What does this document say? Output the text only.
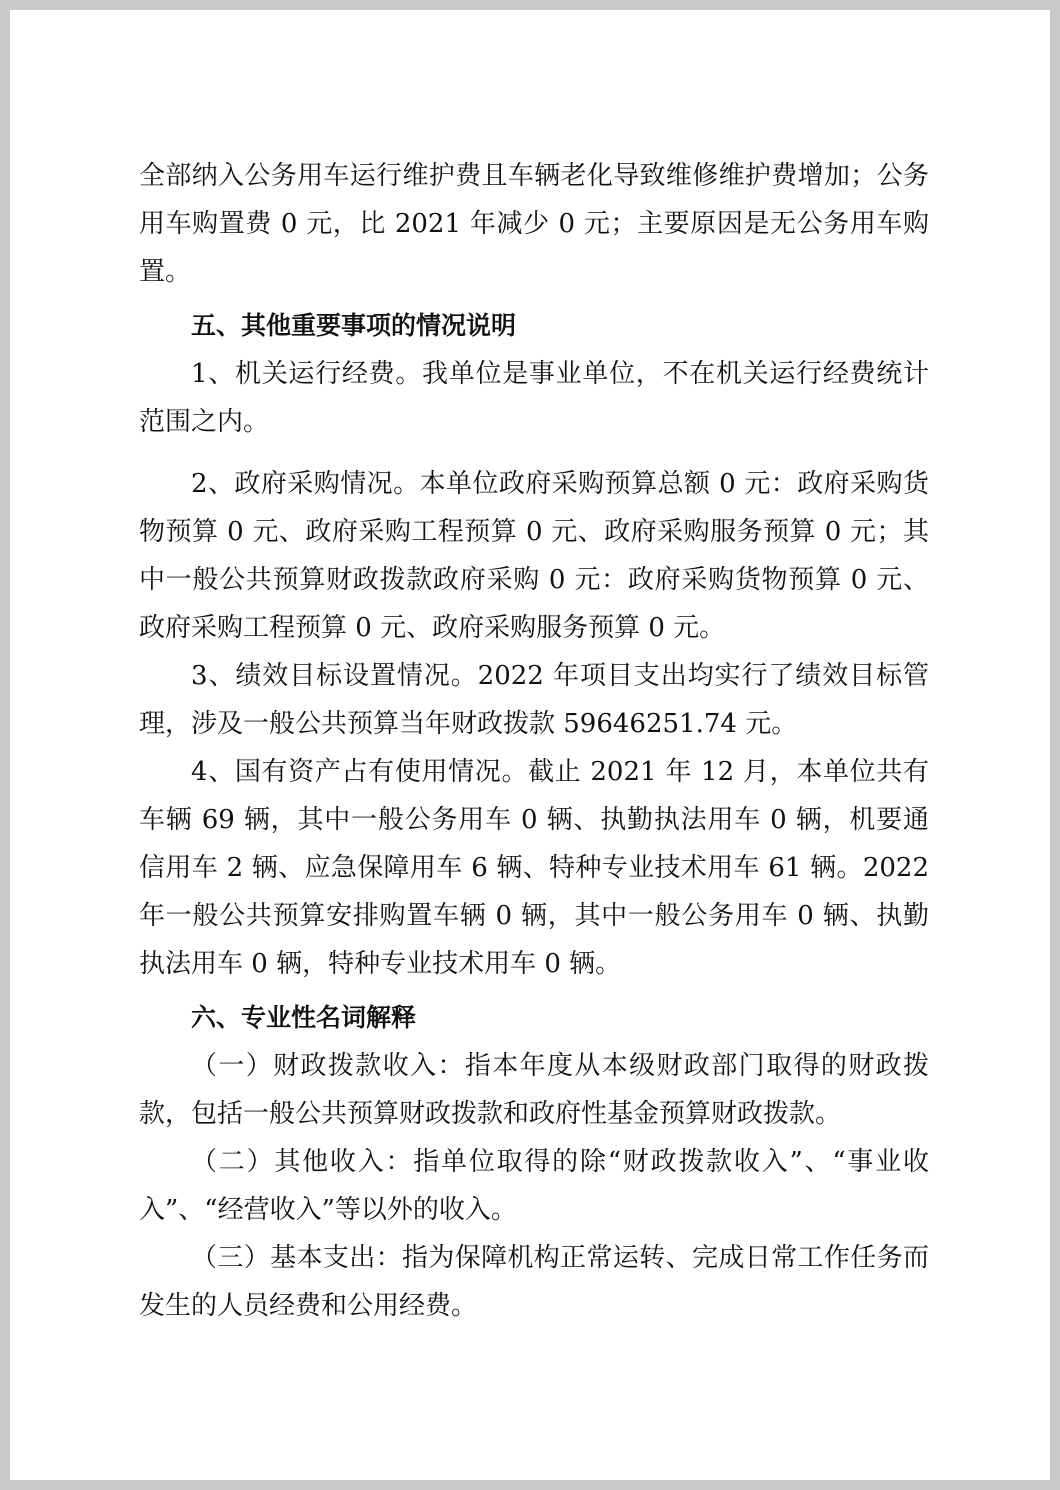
全部纳入公务用车运行维护费且车辆老化导致维修维护费增加；公务用车购置费 0 元，比 2021 年减少 0 元；主要原因是无公务用车购置。

五、其他重要事项的情况说明

1、机关运行经费。我单位是事业单位，不在机关运行经费统计范围之内。

2、政府采购情况。本单位政府采购预算总额 0 元：政府采购货物预算 0 元、政府采购工程预算 0 元、政府采购服务预算 0 元；其中一般公共预算财政拨款政府采购 0 元：政府采购货物预算 0 元、政府采购工程预算 0 元、政府采购服务预算 0 元。

3、绩效目标设置情况。2022 年项目支出均实行了绩效目标管理，涉及一般公共预算当年财政拨款 59646251.74 元。

4、国有资产占有使用情况。截止 2021 年 12 月，本单位共有车辆 69 辆，其中一般公务用车 0 辆、执勤执法用车 0 辆，机要通信用车 2 辆、应急保障用车 6 辆、特种专业技术用车 61 辆。2022 年一般公共预算安排购置车辆 0 辆，其中一般公务用车 0 辆、执勤执法用车 0 辆，特种专业技术用车 0 辆。

六、专业性名词解释

（一）财政拨款收入：指本年度从本级财政部门取得的财政拨款，包括一般公共预算财政拨款和政府性基金预算财政拨款。

（二）其他收入：指单位取得的除“财政拨款收入”、“事业收入”、“经营收入”等以外的收入。

（三）基本支出：指为保障机构正常运转、完成日常工作任务而发生的人员经费和公用经费。
